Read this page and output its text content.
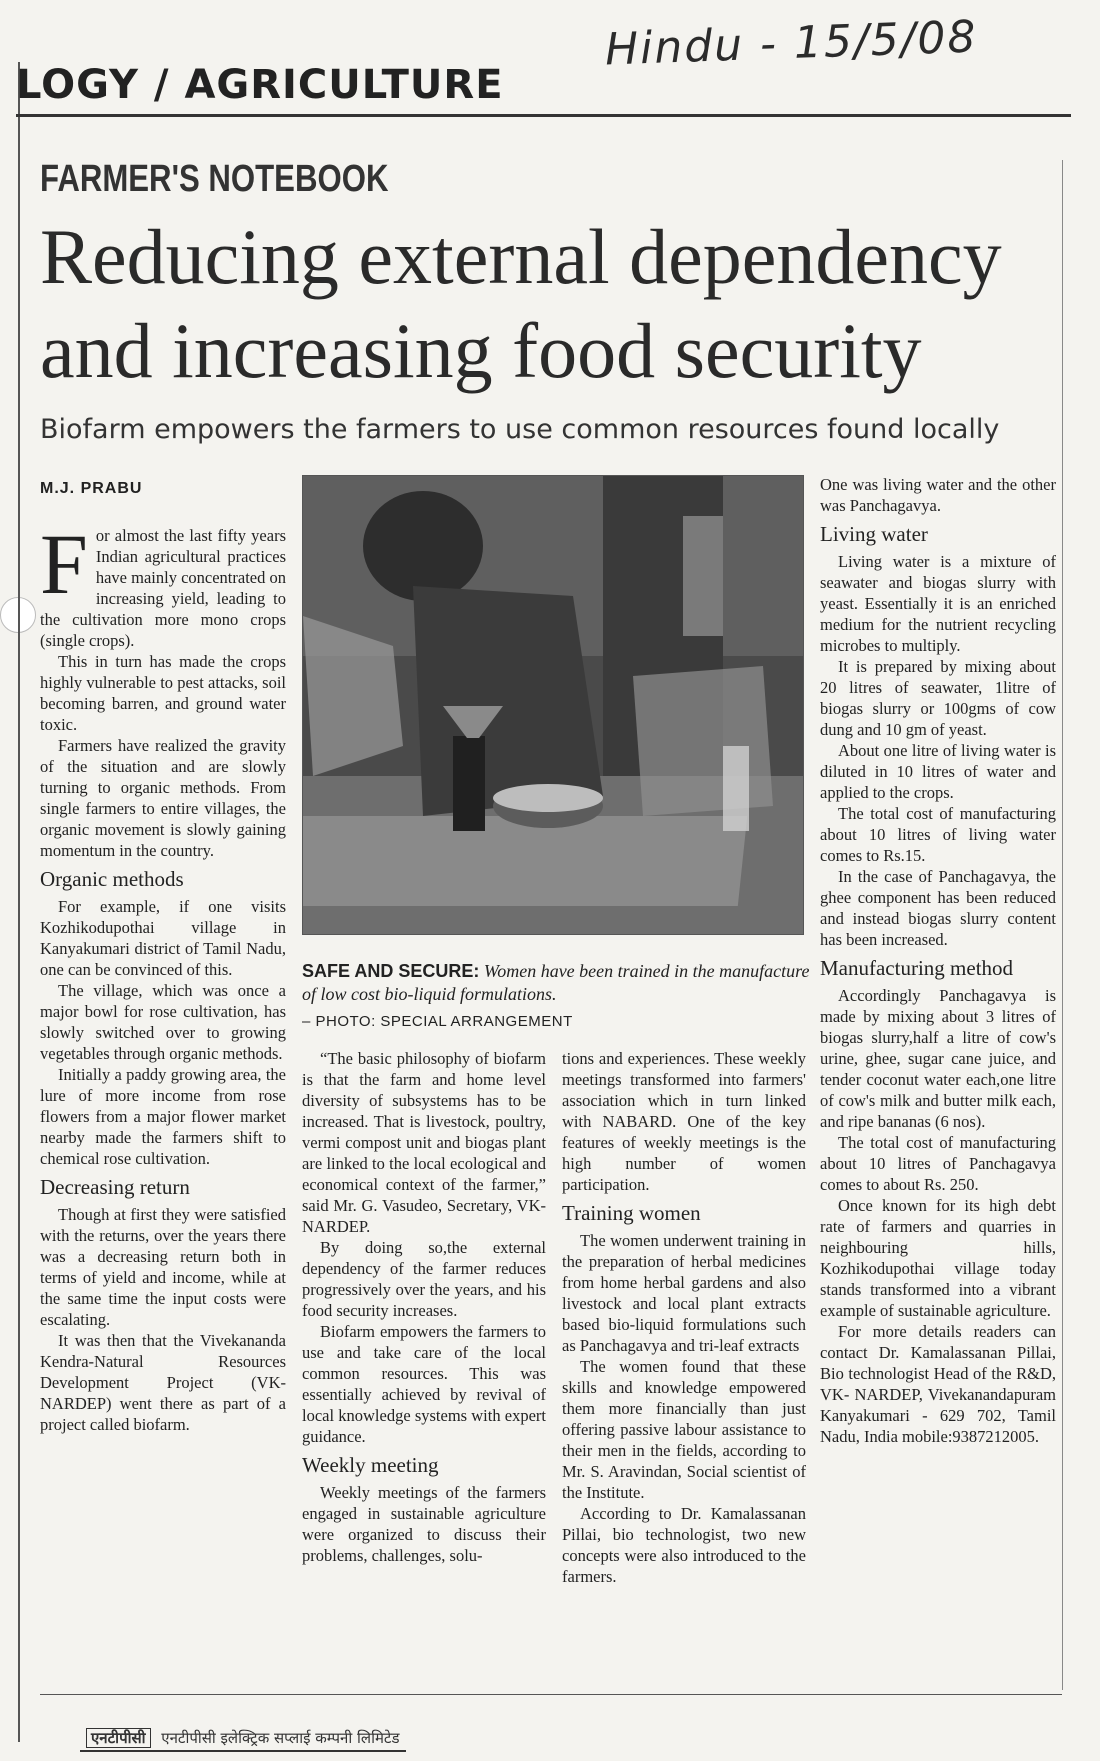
Hindu - 15/5/08
LOGY / AGRICULTURE
FARMER'S NOTEBOOK
Reducing external dependency and increasing food security
Biofarm empowers the farmers to use common resources found locally
M.J. PRABU

For almost the last fifty years Indian agricultural practices have mainly concentrated on increasing yield, leading to the cultivation more mono crops (single crops).

This in turn has made the crops highly vulnerable to pest attacks, soil becoming barren, and ground water toxic.

Farmers have realized the gravity of the situation and are slowly turning to organic methods. From single farmers to entire villages, the organic movement is slowly gaining momentum in the country.

Organic methods

For example, if one visits Kozhikodupothai village in Kanyakumari district of Tamil Nadu, one can be convinced of this.

The village, which was once a major bowl for rose cultivation, has slowly switched over to growing vegetables through organic methods.

Initially a paddy growing area, the lure of more income from rose flowers from a major flower market nearby made the farmers shift to chemical rose cultivation.

Decreasing return

Though at first they were satisfied with the returns, over the years there was a decreasing return both in terms of yield and income, while at the same time the input costs were escalating.

It was then that the Vivekananda Kendra-Natural Resources Development Project (VK-NARDEP) went there as part of a project called biofarm.

SAFE AND SECURE: Women have been trained in the manufacture of low cost bio-liquid formulations.
– PHOTO: SPECIAL ARRANGEMENT

“The basic philosophy of biofarm is that the farm and home level diversity of subsystems has to be increased. That is livestock, poultry, vermi compost unit and biogas plant are linked to the local ecological and economical context of the farmer,” said Mr. G. Vasudeo, Secretary, VK- NARDEP.

By doing so,the external dependency of the farmer reduces progressively over the years, and his food security increases.

Biofarm empowers the farmers to use and take care of the local common resources. This was essentially achieved by revival of local knowledge systems with expert guidance.

Weekly meeting

Weekly meetings of the farmers engaged in sustainable agriculture were organized to discuss their problems, challenges, solu-

tions and experiences. These weekly meetings transformed into farmers' association which in turn linked with NABARD. One of the key features of weekly meetings is the high number of women participation.

Training women

The women underwent training in the preparation of herbal medicines from home herbal gardens and also livestock and local plant extracts based bio-liquid formulations such as Panchagavya and tri-leaf extracts

The women found that these skills and knowledge empowered them more financially than just offering passive labour assistance to their men in the fields, according to Mr. S. Aravindan, Social scientist of the Institute.

According to Dr. Kamalassanan Pillai, bio technologist, two new concepts were also introduced to the farmers.

One was living water and the other was Panchagavya.

Living water

Living water is a mixture of seawater and biogas slurry with yeast. Essentially it is an enriched medium for the nutrient recycling microbes to multiply.

It is prepared by mixing about 20 litres of seawater, 1litre of biogas slurry or 100gms of cow dung and 10 gm of yeast.

About one litre of living water is diluted in 10 litres of water and applied to the crops.

The total cost of manufacturing about 10 litres of living water comes to Rs.15.

In the case of Panchagavya, the ghee component has been reduced and instead biogas slurry content has been increased.

Manufacturing method

Accordingly Panchagavya is made by mixing about 3 litres of biogas slurry,half a litre of cow's urine, ghee, sugar cane juice, and tender coconut water each,one litre of cow's milk and butter milk each, and ripe bananas (6 nos).

The total cost of manufacturing about 10 litres of Panchagavya comes to about Rs. 250.

Once known for its high debt rate of farmers and quarries in neighbouring hills, Kozhikodupothai village today stands transformed into a vibrant example of sustainable agriculture.

For more details readers can contact Dr. Kamalassanan Pillai, Bio technologist Head of the R&D, VK- NARDEP, Vivekanandapuram Kanyakumari - 629 702, Tamil Nadu, India mobile:9387212005.

एनटीपीसी एनटीपीसी इलेक्ट्रिक सप्लाई कम्पनी लिमिटेड
